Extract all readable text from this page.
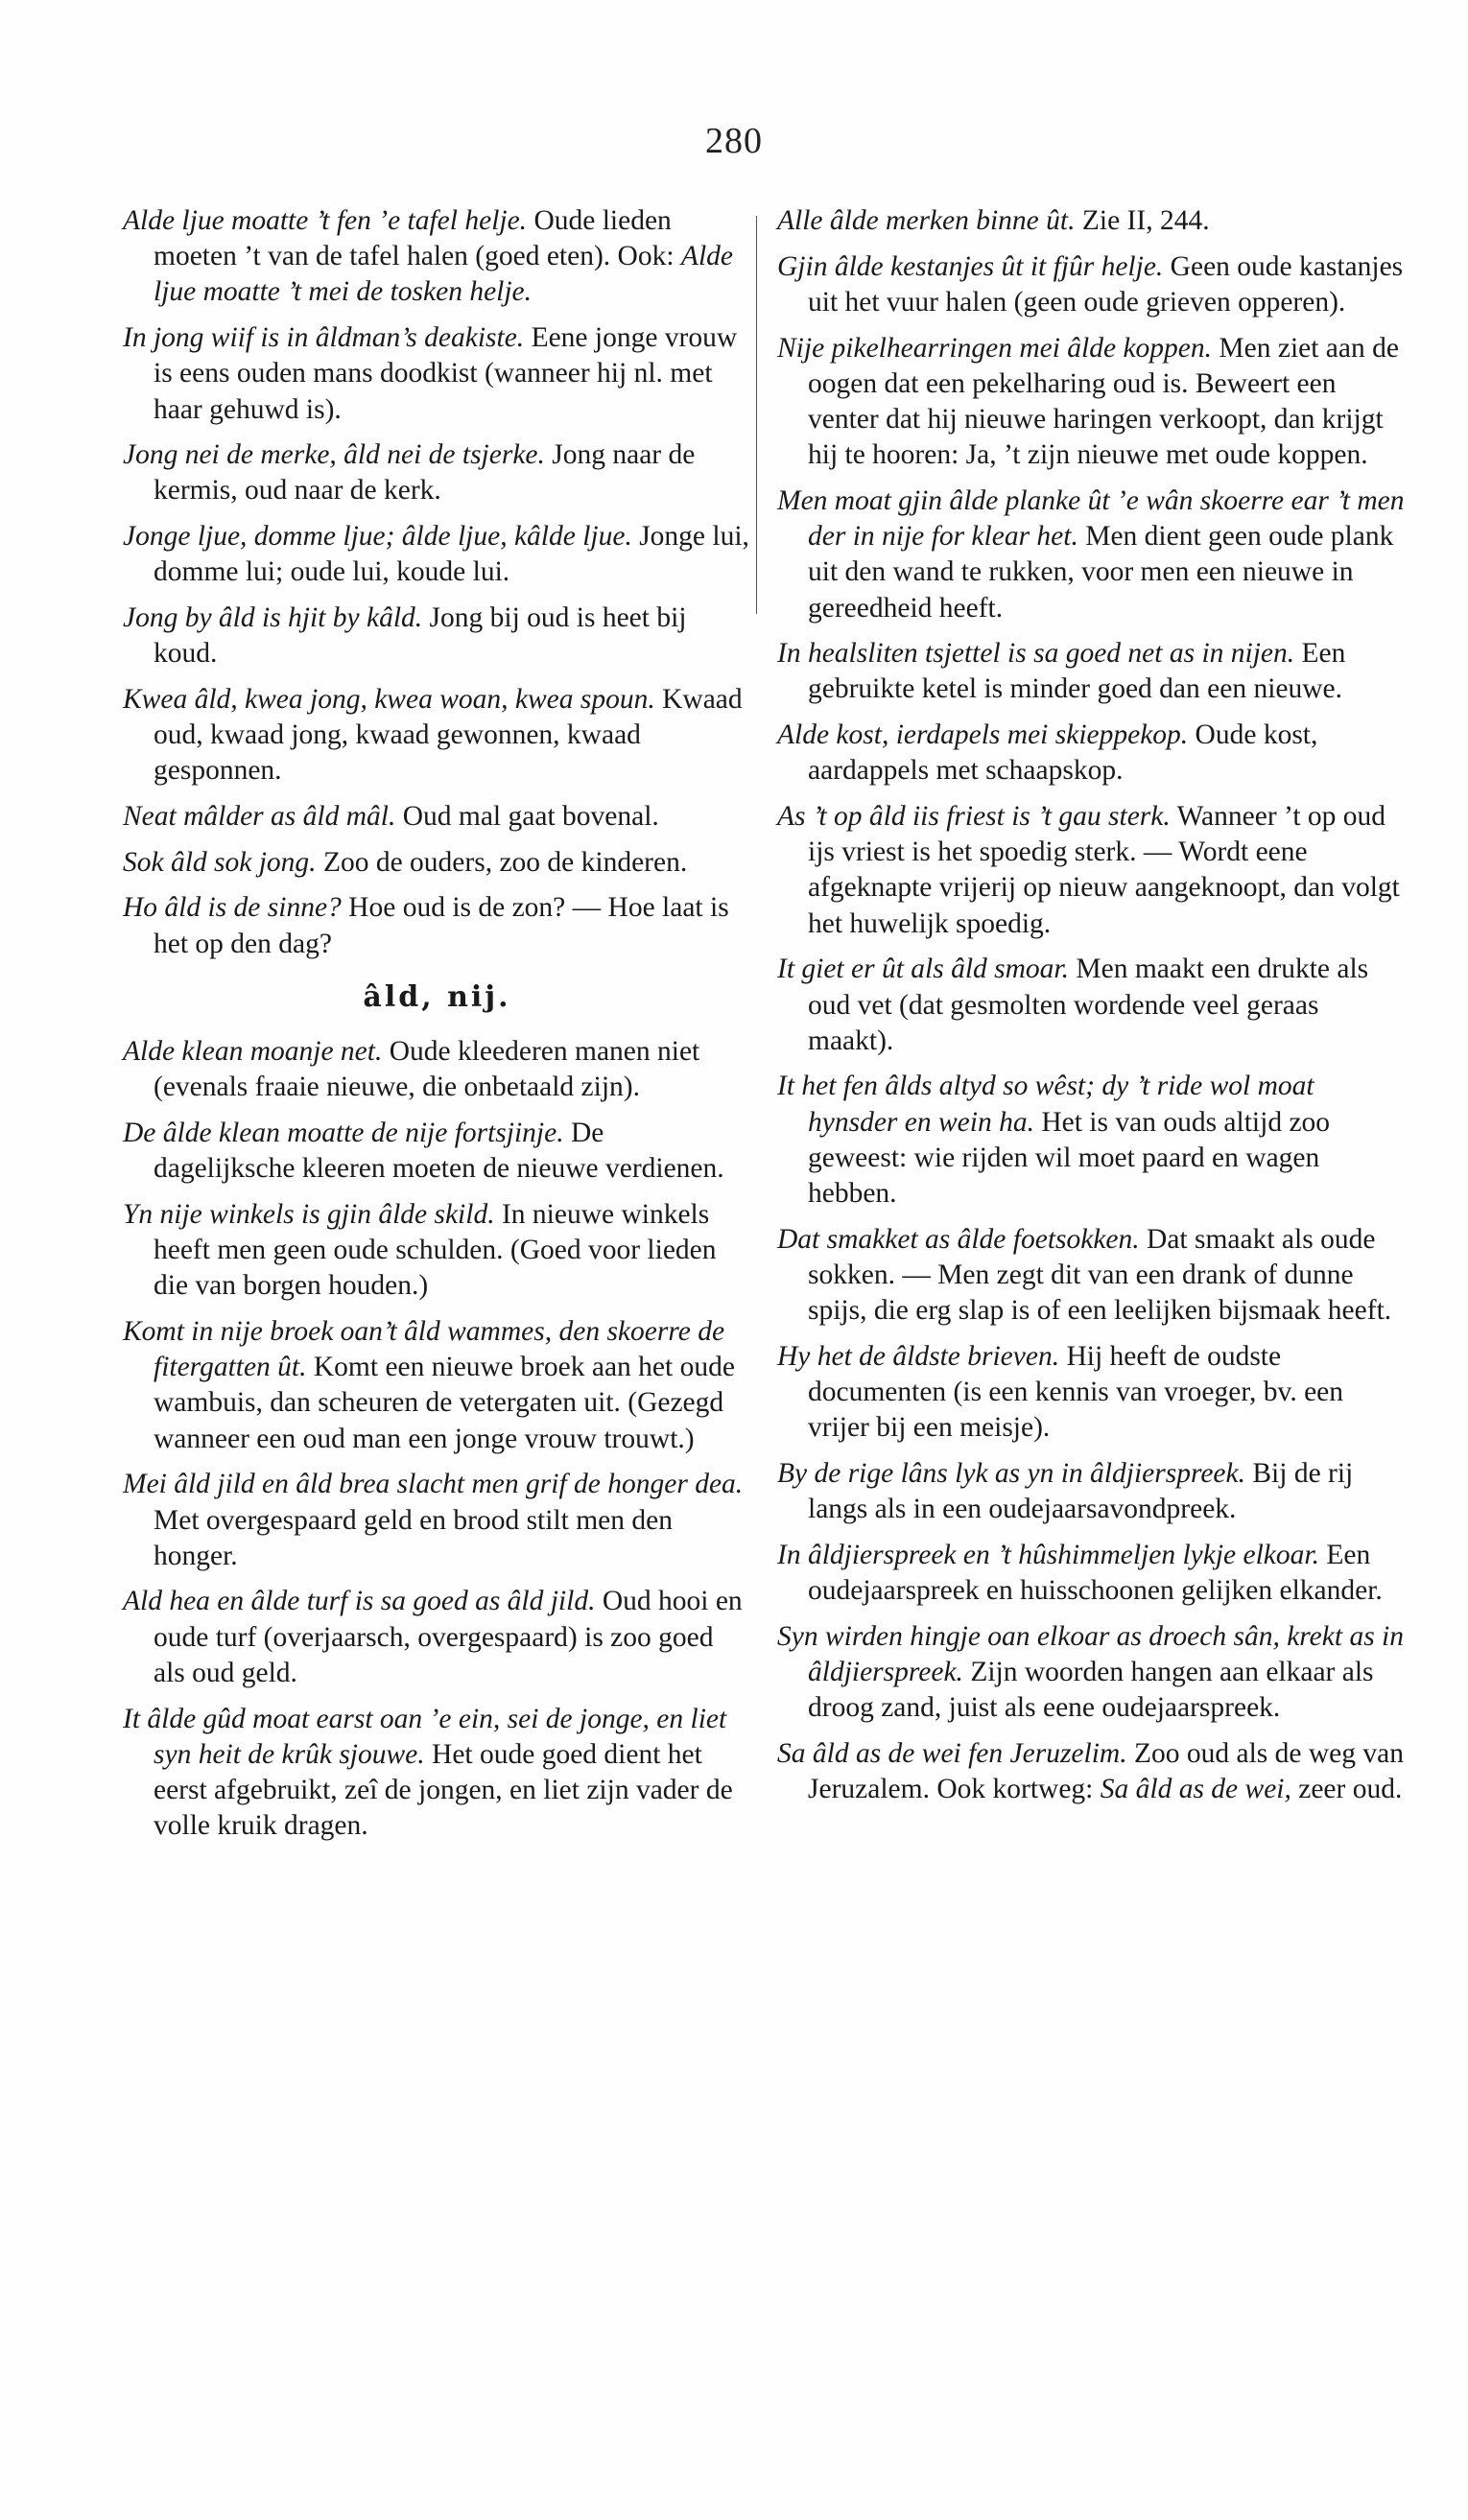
280
Alde ljue moatte ’t fen ’e tafel helje. Oude lieden moeten ’t van de tafel halen (goed eten). Ook: Alde ljue moatte ’t mei de tosken helje.
In jong wiif is in âldman’s deakiste. Eene jonge vrouw is eens ouden mans doodkist (wanneer hij nl. met haar gehuwd is).
Jong nei de merke, âld nei de tsjerke. Jong naar de kermis, oud naar de kerk.
Jonge ljue, domme ljue; âlde ljue, kâlde ljue. Jonge lui, domme lui; oude lui, koude lui.
Jong by âld is hjit by kâld. Jong bij oud is heet bij koud.
Kwea âld, kwea jong, kwea woan, kwea spoun. Kwaad oud, kwaad jong, kwaad gewonnen, kwaad gesponnen.
Neat mâlder as âld mâl. Oud mal gaat bovenal.
Sok âld sok jong. Zoo de ouders, zoo de kinderen.
Ho âld is de sinne? Hoe oud is de zon? — Hoe laat is het op den dag?
âld, nij.
Alde klean moanje net. Oude kleederen manen niet (evenals fraaie nieuwe, die onbetaald zijn).
De âlde klean moatte de nije fortsjinje. De dagelijksche kleeren moeten de nieuwe verdienen.
Yn nije winkels is gjin âlde skild. In nieuwe winkels heeft men geen oude schulden. (Goed voor lieden die van borgen houden.)
Komt in nije broek oan’t âld wammes, den skoerre de fitergatten ût. Komt een nieuwe broek aan het oude wambuis, dan scheuren de vetergaten uit. (Gezegd wanneer een oud man een jonge vrouw trouwt.)
Mei âld jild en âld brea slacht men grif de honger dea. Met overgespaard geld en brood stilt men den honger.
Ald hea en âlde turf is sa goed as âld jild. Oud hooi en oude turf (overjaarsch, overgespaard) is zoo goed als oud geld.
It âlde gûd moat earst oan ’e ein, sei de jonge, en liet syn heit de krûk sjouwe. Het oude goed dient het eerst afgebruikt, zeî de jongen, en liet zijn vader de volle kruik dragen.
Alle âlde merken binne ût. Zie II, 244.
Gjin âlde kestanjes ût it fjûr helje. Geen oude kastanjes uit het vuur halen (geen oude grieven opperen).
Nije pikelhearringen mei âlde koppen. Men ziet aan de oogen dat een pekelharing oud is. Beweert een venter dat hij nieuwe haringen verkoopt, dan krijgt hij te hooren: Ja, ’t zijn nieuwe met oude koppen.
Men moat gjin âlde planke ût ’e wân skoerre ear ’t men der in nije for klear het. Men dient geen oude plank uit den wand te rukken, voor men een nieuwe in gereedheid heeft.
In healsliten tsjettel is sa goed net as in nijen. Een gebruikte ketel is minder goed dan een nieuwe.
Alde kost, ierdapels mei skieppekop. Oude kost, aardappels met schaapskop.
As ’t op âld iis friest is ’t gau sterk. Wanneer ’t op oud ijs vriest is het spoedig sterk. — Wordt eene afgeknapte vrijerij op nieuw aangeknoopt, dan volgt het huwelijk spoedig.
It giet er ût als âld smoar. Men maakt een drukte als oud vet (dat gesmolten wordende veel geraas maakt).
It het fen âlds altyd so wêst; dy ’t ride wol moat hynsder en wein ha. Het is van ouds altijd zoo geweest: wie rijden wil moet paard en wagen hebben.
Dat smakket as âlde foetsokken. Dat smaakt als oude sokken. — Men zegt dit van een drank of dunne spijs, die erg slap is of een leelijken bijsmaak heeft.
Hy het de âldste brieven. Hij heeft de oudste documenten (is een kennis van vroeger, bv. een vrijer bij een meisje).
By de rige lâns lyk as yn in âldjierspreek. Bij de rij langs als in een oudejaarsavondpreek.
In âldjierspreek en ’t hûshimmeljen lykje elkoar. Een oudejaarspreek en huisschoonen gelijken elkander.
Syn wirden hingje oan elkoar as droech sân, krekt as in âldjierspreek. Zijn woorden hangen aan elkaar als droog zand, juist als eene oudejaarspreek.
Sa âld as de wei fen Jeruzelim. Zoo oud als de weg van Jeruzalem. Ook kortweg: Sa âld as de wei, zeer oud.
